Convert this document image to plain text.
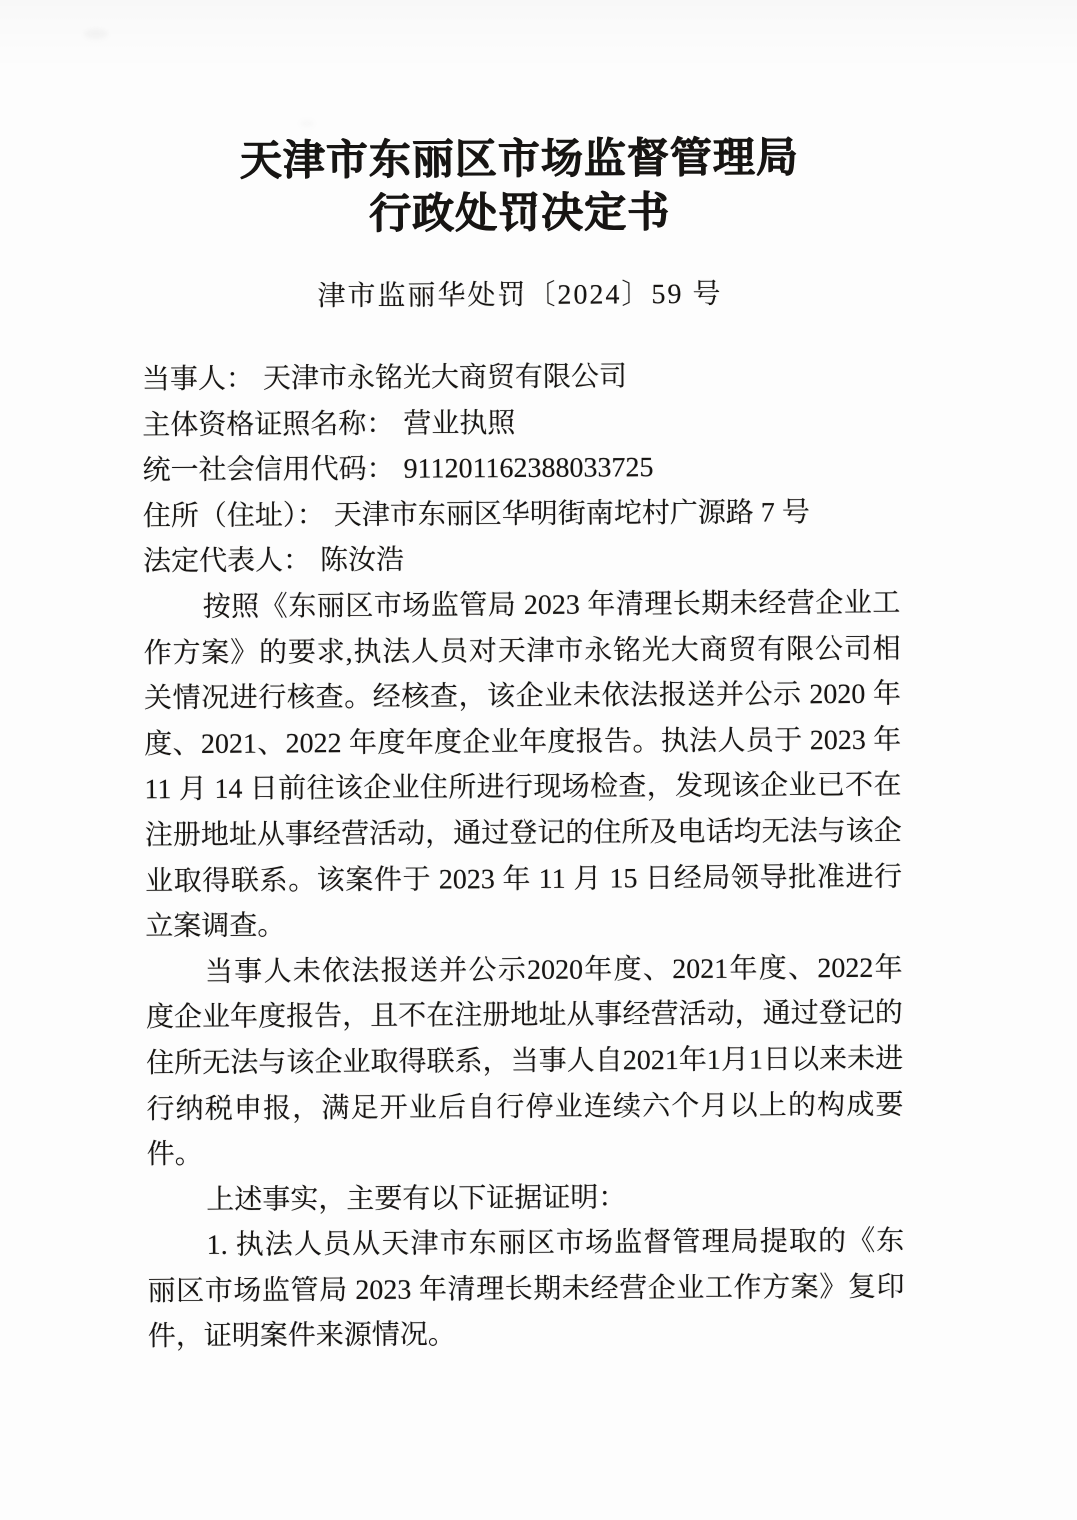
天津市东丽区市场监督管理局
行政处罚决定书
津市监丽华处罚〔2024〕59 号
当事人： 天津市永铭光大商贸有限公司
主体资格证照名称： 营业执照
统一社会信用代码： 911201162388033725
住所（住址）： 天津市东丽区华明街南坨村广源路 7 号
法定代表人： 陈汝浩

按照《东丽区市场监管局 2023 年清理长期未经营企业工作方案》的要求,执法人员对天津市永铭光大商贸有限公司相关情况进行核查。经核查，该企业未依法报送并公示 2020 年度、2021、2022 年度年度企业年度报告。执法人员于 2023 年 11 月 14 日前往该企业住所进行现场检查，发现该企业已不在注册地址从事经营活动，通过登记的住所及电话均无法与该企业取得联系。该案件于 2023 年 11 月 15 日经局领导批准进行立案调查。

当事人未依法报送并公示2020年度、2021年度、2022年度企业年度报告，且不在注册地址从事经营活动，通过登记的住所无法与该企业取得联系，当事人自2021年1月1日以来未进行纳税申报，满足开业后自行停业连续六个月以上的构成要件。

上述事实，主要有以下证据证明：

1. 执法人员从天津市东丽区市场监督管理局提取的《东丽区市场监管局 2023 年清理长期未经营企业工作方案》复印件，证明案件来源情况。
